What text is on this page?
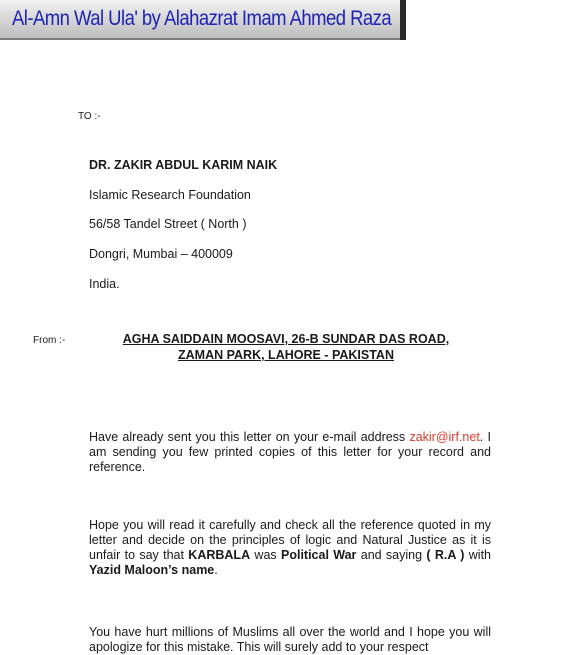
Al-Amn Wal Ula' by Alahazrat Imam Ahmed Raza
TO :-
DR. ZAKIR ABDUL KARIM NAIK
Islamic Research Foundation
56/58 Tandel Street ( North )
Dongri, Mumbai – 400009
India.
From :-	AGHA SAIDDAIN MOOSAVI, 26-B SUNDAR DAS ROAD,
ZAMAN PARK, LAHORE - PAKISTAN
Have already sent you this letter on your e-mail address zakir@irf.net. I am sending you few printed copies of this letter for your record and reference.
Hope you will read it carefully and check all the reference quoted in my letter and decide on the principles of logic and Natural Justice as it is unfair to say that KARBALA was Political War and saying ( R.A ) with Yazid Maloon’s name.
You have hurt millions of Muslims all over the world and I hope you will apologize for this mistake. This will surely add to your respect
